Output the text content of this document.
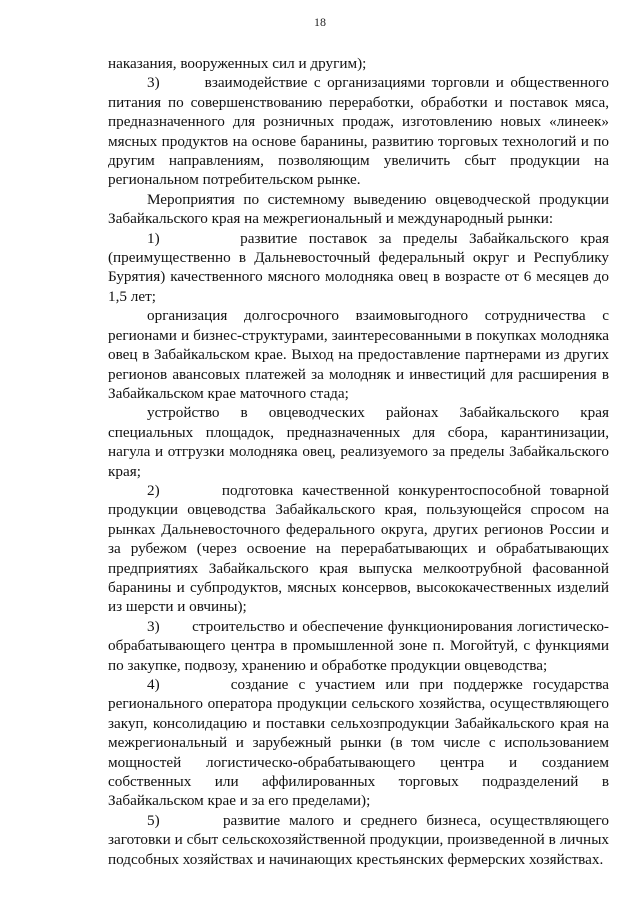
18

наказания, вооруженных сил и другим);

3)       взаимодействие с организациями торговли и общественного питания по совершенствованию переработки, обработки и поставок мяса, предназначенного для розничных продаж, изготовлению новых «линеек» мясных продуктов на основе баранины, развитию торговых технологий и по другим направлениям, позволяющим увеличить сбыт продукции на региональном потребительском рынке.

Мероприятия по системному выведению овцеводческой продукции Забайкальского края на межрегиональный и международный рынки:

1)       развитие поставок за пределы Забайкальского края (преимущественно в Дальневосточный федеральный округ и Республику Бурятия) качественного мясного молодняка овец в возрасте от 6 месяцев до 1,5 лет;

организация долгосрочного взаимовыгодного сотрудничества с регионами и бизнес-структурами, заинтересованными в покупках молодняка овец в Забайкальском крае. Выход на предоставление партнерами из других регионов авансовых платежей за молодняк и инвестиций для расширения в Забайкальском крае маточного стада;

устройство в овцеводческих районах Забайкальского края специальных площадок, предназначенных для сбора, карантинизации, нагула и отгрузки молодняка овец, реализуемого за пределы Забайкальского края;

2)       подготовка качественной конкурентоспособной товарной продукции овцеводства Забайкальского края, пользующейся спросом на рынках Дальневосточного федерального округа, других регионов России и за рубежом (через освоение на перерабатывающих и обрабатывающих предприятиях Забайкальского края выпуска мелкоотрубной фасованной баранины и субпродуктов, мясных консервов, высококачественных изделий из шерсти и овчины);

3)       строительство и обеспечение функционирования логистическо-обрабатывающего центра в промышленной зоне п. Могойтуй, с функциями по закупке, подвозу, хранению и обработке продукции овцеводства;

4)       создание с участием или при поддержке государства регионального оператора продукции сельского хозяйства, осуществляющего закуп, консолидацию и поставки сельхозпродукции Забайкальского края на межрегиональный и зарубежный рынки (в том числе с использованием мощностей логистическо-обрабатывающего центра и созданием собственных или аффилированных торговых подразделений в Забайкальском крае и за его пределами);

5)       развитие малого и среднего бизнеса, осуществляющего заготовки и сбыт сельскохозяйственной продукции, произведенной в личных подсобных хозяйствах и начинающих крестьянских фермерских хозяйствах.
